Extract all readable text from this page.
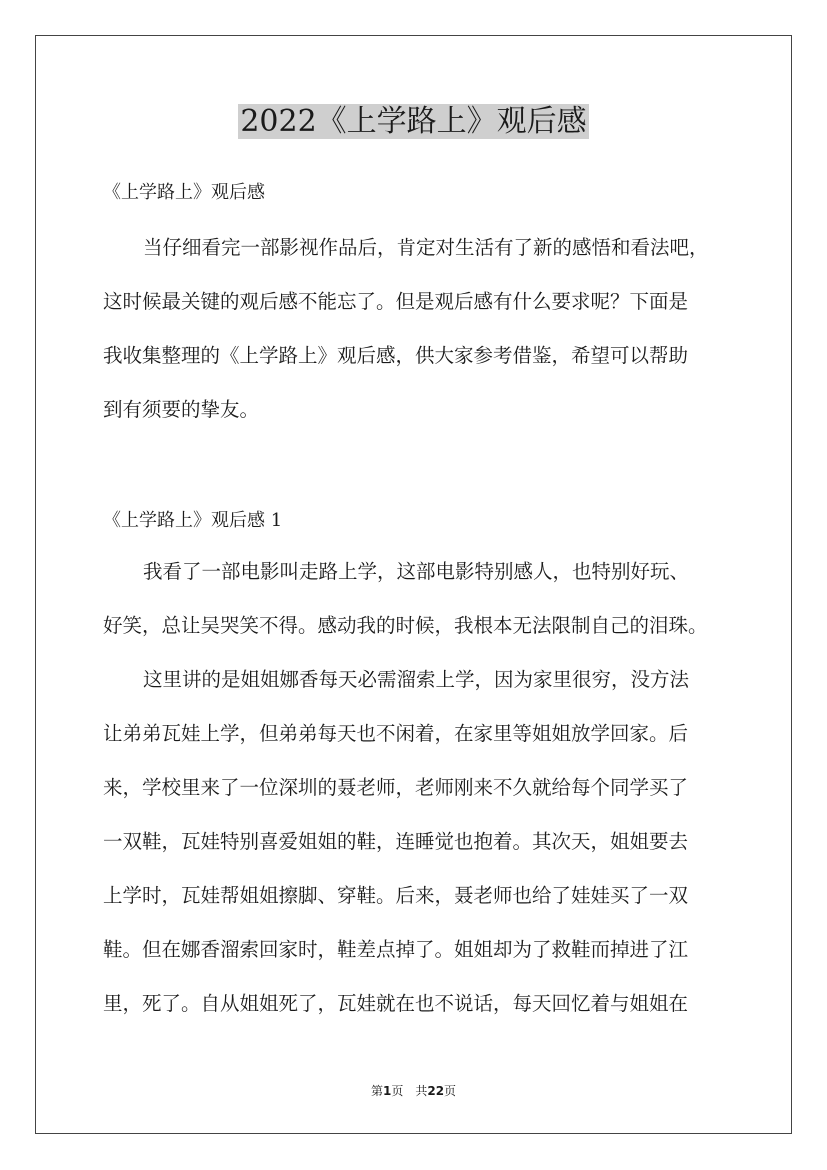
2022《上学路上》观后感

《上学路上》观后感

当仔细看完一部影视作品后，肯定对生活有了新的感悟和看法吧，
这时候最关键的观后感不能忘了。但是观后感有什么要求呢？下面是
我收集整理的《上学路上》观后感，供大家参考借鉴，希望可以帮助
到有须要的挚友。

《上学路上》观后感 1

我看了一部电影叫走路上学，这部电影特别感人，也特别好玩、
好笑，总让吴哭笑不得。感动我的时候，我根本无法限制自己的泪珠。
这里讲的是姐姐娜香每天必需溜索上学，因为家里很穷，没方法
让弟弟瓦娃上学，但弟弟每天也不闲着，在家里等姐姐放学回家。后
来，学校里来了一位深圳的聂老师，老师刚来不久就给每个同学买了
一双鞋，瓦娃特别喜爱姐姐的鞋，连睡觉也抱着。其次天，姐姐要去
上学时，瓦娃帮姐姐擦脚、穿鞋。后来，聂老师也给了娃娃买了一双
鞋。但在娜香溜索回家时，鞋差点掉了。姐姐却为了救鞋而掉进了江
里，死了。自从姐姐死了，瓦娃就在也不说话，每天回忆着与姐姐在
第1页 共22页
